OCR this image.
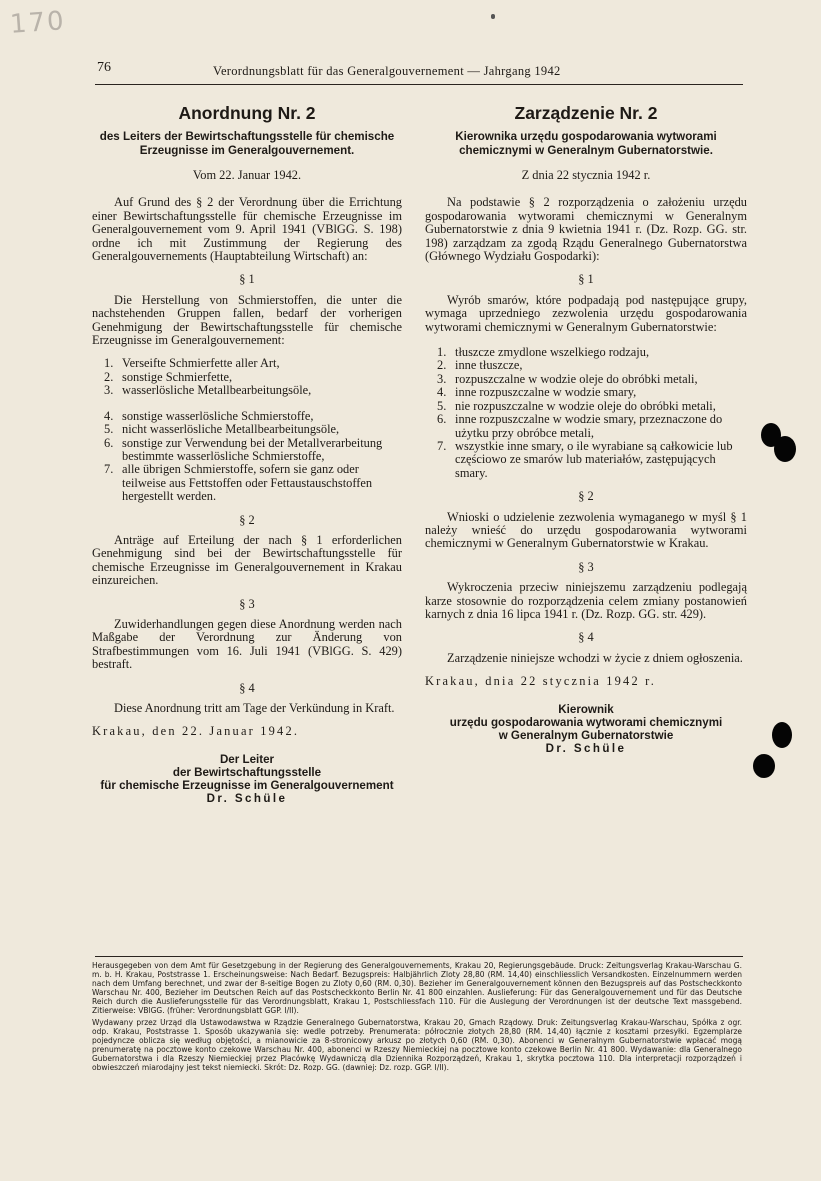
170
76	Verordnungsblatt für das Generalgouvernement — Jahrgang 1942
Anordnung Nr. 2
des Leiters der Bewirtschaftungsstelle für chemische Erzeugnisse im Generalgouvernement.
Vom 22. Januar 1942.

Auf Grund des § 2 der Verordnung über die Errichtung einer Bewirtschaftungsstelle für chemische Erzeugnisse im Generalgouvernement vom 9. April 1941 (VBlGG. S. 198) ordne ich mit Zustimmung der Regierung des Generalgouvernements (Hauptabteilung Wirtschaft) an:

§ 1

Die Herstellung von Schmierstoffen, die unter die nachstehenden Gruppen fallen, bedarf der vorherigen Genehmigung der Bewirtschaftungsstelle für chemische Erzeugnisse im Generalgouvernement:

1. Verseifte Schmierfette aller Art,
2. sonstige Schmierfette,
3. wasserlösliche Metallbearbeitungsöle,
4. sonstige wasserlösliche Schmierstoffe,
5. nicht wasserlösliche Metallbearbeitungsöle,
6. sonstige zur Verwendung bei der Metallverarbeitung bestimmte wasserlösliche Schmierstoffe,
7. alle übrigen Schmierstoffe, sofern sie ganz oder teilweise aus Fettstoffen oder Fettaustauschstoffen hergestellt werden.
§ 2

Anträge auf Erteilung der nach § 1 erforderlichen Genehmigung sind bei der Bewirtschaftungsstelle für chemische Erzeugnisse im Generalgouvernement in Krakau einzureichen.

§ 3

Zuwiderhandlungen gegen diese Anordnung werden nach Maßgabe der Verordnung zur Änderung von Strafbestimmungen vom 16. Juli 1941 (VBlGG. S. 429) bestraft.

§ 4

Diese Anordnung tritt am Tage der Verkündung in Kraft.

Krakau, den 22. Januar 1942.
Der Leiter
der Bewirtschaftungsstelle
für chemische Erzeugnisse im Generalgouvernement
Dr. Schüle
Zarządzenie Nr. 2
Kierownika urzędu gospodarowania wytworami chemicznymi w Generalnym Gubernatorstwie.
Z dnia 22 stycznia 1942 r.

Na podstawie § 2 rozporządzenia o założeniu urzędu gospodarowania wytworami chemicznymi w Generalnym Gubernatorstwie z dnia 9 kwietnia 1941 r. (Dz. Rozp. GG. str. 198) zarządzam za zgodą Rządu Generalnego Gubernatorstwa (Głównego Wydziału Gospodarki):

§ 1

Wyrób smarów, które podpadają pod następujące grupy, wymaga uprzedniego zezwolenia urzędu gospodarowania wytworami chemicznymi w Generalnym Gubernatorstwie:

1. tłuszcze zmydlone wszelkiego rodzaju,
2. inne tłuszcze,
3. rozpuszczalne w wodzie oleje do obróbki metali,
4. inne rozpuszczalne w wodzie smary,
5. nie rozpuszczalne w wodzie oleje do obróbki metali,
6. inne rozpuszczalne w wodzie smary, przeznaczone do użytku przy obróbce metali,
7. wszystkie inne smary, o ile wyrabiane są całkowicie lub częściowo ze smarów lub materiałów, zastępujących smary.
§ 2

Wnioski o udzielenie zezwolenia wymaganego w myśl § 1 należy wnieść do urzędu gospodarowania wytworami chemicznymi w Generalnym Gubernatorstwie w Krakau.

§ 3

Wykroczenia przeciw niniejszemu zarządzeniu podlegają karze stosownie do rozporządzenia celem zmiany postanowień karnych z dnia 16 lipca 1941 r. (Dz. Rozp. GG. str. 429).

§ 4

Zarządzenie niniejsze wchodzi w życie z dniem ogłoszenia.

Krakau, dnia 22 stycznia 1942 r.
Kierownik
urzędu gospodarowania wytworami chemicznymi
w Generalnym Gubernatorstwie
Dr. Schüle

Herausgegeben von dem Amt für Gesetzgebung in der Regierung des Generalgouvernements, Krakau 20, Regierungsgebäude. Druck: Zeitungsverlag Krakau-Warschau G. m. b. H. Krakau, Poststrasse 1. Erscheinungsweise: Nach Bedarf. Bezugspreis: Halbjährlich Zloty 28,80 (RM. 14,40) einschliesslich Versandkosten. Einzelnummern werden nach dem Umfang berechnet, und zwar der 8-seitige Bogen zu Zloty 0,60 (RM. 0,30). Bezieher im Generalgouvernement können den Bezugspreis auf das Postscheckkonto Warschau Nr. 400, Bezieher im Deutschen Reich auf das Postscheckkonto Berlin Nr. 41 800 einzahlen. Auslieferung: Für das Generalgouvernement und für das Deutsche Reich durch die Auslieferungsstelle für das Verordnungsblatt, Krakau 1, Postschliessfach 110. Für die Auslegung der Verordnungen ist der deutsche Text massgebend. Zitierweise: VBlGG. (früher: Verordnungsblatt GGP. I/II).

Wydawany przez Urząd dla Ustawodawstwa w Rządzie Generalnego Gubernatorstwa, Krakau 20, Gmach Rządowy. Druk: Zeitungsverlag Krakau-Warschau, Spółka z ogr. odp. Krakau, Poststrasse 1. Sposób ukazywania się: wedle potrzeby. Prenumerata: półrocznie złotych 28,80 (RM. 14,40) łącznie z kosztami przesyłki. Egzemplarze pojedyncze oblicza się według objętości, a mianowicie za 8-stronicowy arkusz po złotych 0,60 (RM. 0,30). Abonenci w Generalnym Gubernatorstwie wpłacać mogą prenumeratę na pocztowe konto czekowe Warschau Nr. 400, abonenci w Rzeszy Niemieckiej na pocztowe konto czekowe Berlin Nr. 41 800. Wydawanie: dla Generalnego Gubernatorstwa i dla Rzeszy Niemieckiej przez Placówkę Wydawniczą dla Dziennika Rozporządzeń, Krakau 1, skrytka pocztowa 110. Dla interpretacji rozporządzeń i obwieszczeń miarodajny jest tekst niemiecki. Skrót: Dz. Rozp. GG. (dawniej: Dz. rozp. GGP. I/II).
